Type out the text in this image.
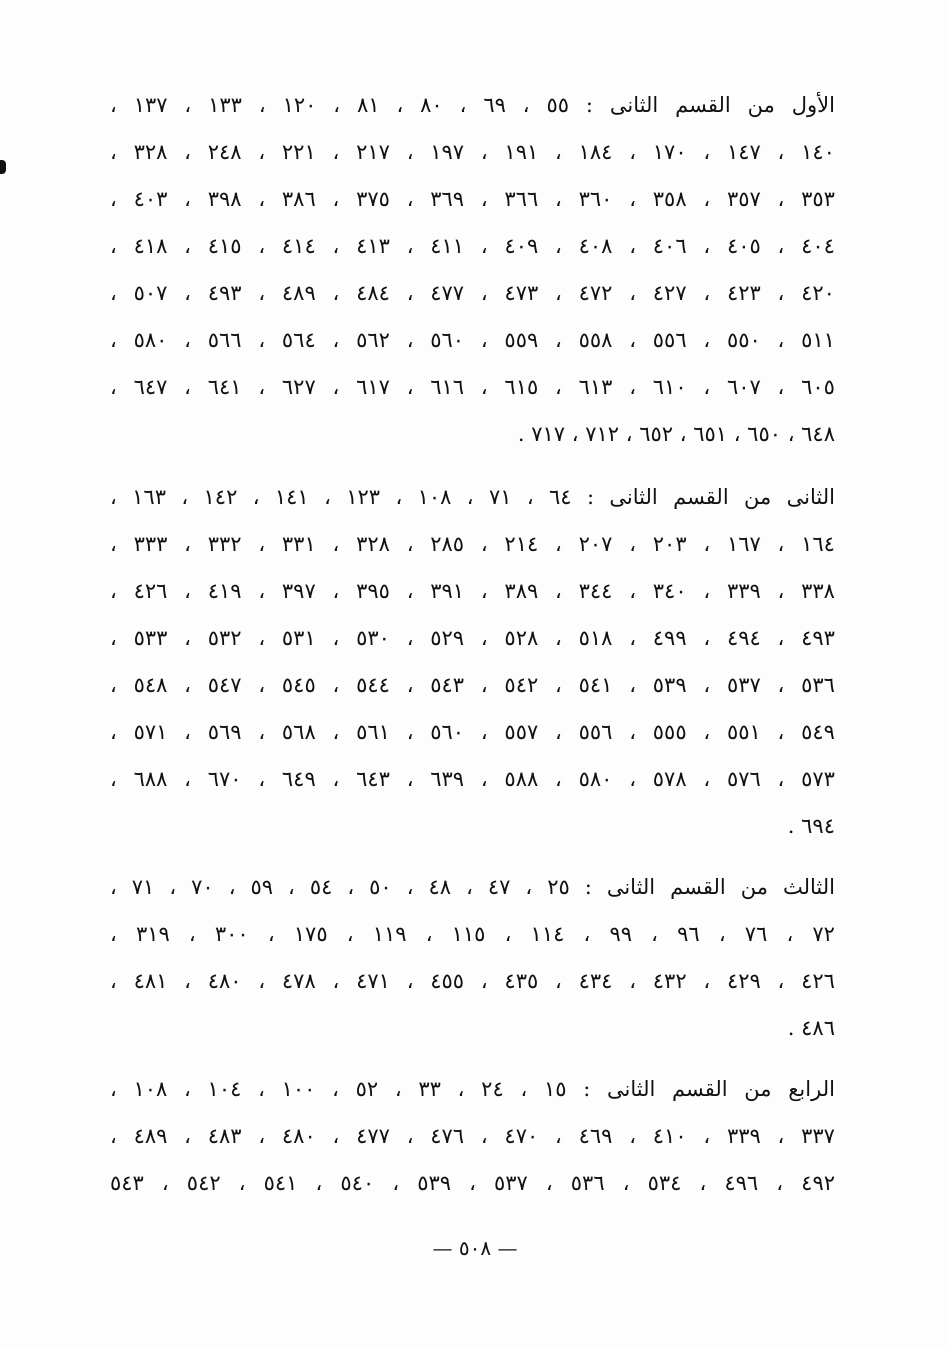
الأول من القسم الثانى : ٥٥ ، ٦٩ ، ٨٠ ، ٨١ ، ١٢٠ ، ١٣٣ ، ١٣٧ ،
١٤٠ ، ١٤٧ ، ١٧٠ ، ١٨٤ ، ١٩١ ، ١٩٧ ، ٢١٧ ، ٢٢١ ، ٢٤٨ ، ٣٢٨ ،
٣٥٣ ، ٣٥٧ ، ٣٥٨ ، ٣٦٠ ، ٣٦٦ ، ٣٦٩ ، ٣٧٥ ، ٣٨٦ ، ٣٩٨ ، ٤٠٣ ،
٤٠٤ ، ٤٠٥ ، ٤٠٦ ، ٤٠٨ ، ٤٠٩ ، ٤١١ ، ٤١٣ ، ٤١٤ ، ٤١٥ ، ٤١٨ ،
٤٢٠ ، ٤٢٣ ، ٤٢٧ ، ٤٧٢ ، ٤٧٣ ، ٤٧٧ ، ٤٨٤ ، ٤٨٩ ، ٤٩٣ ، ٥٠٧ ،
٥١١ ، ٥٥٠ ، ٥٥٦ ، ٥٥٨ ، ٥٥٩ ، ٥٦٠ ، ٥٦٢ ، ٥٦٤ ، ٥٦٦ ، ٥٨٠ ،
٦٠٥ ، ٦٠٧ ، ٦١٠ ، ٦١٣ ، ٦١٥ ، ٦١٦ ، ٦١٧ ، ٦٢٧ ، ٦٤١ ، ٦٤٧ ،
٦٤٨ ، ٦٥٠ ، ٦٥١ ، ٦٥٢ ، ٧١٢ ، ٧١٧ .
الثانى من القسم الثانى : ٦٤ ، ٧١ ، ١٠٨ ، ١٢٣ ، ١٤١ ، ١٤٢ ، ١٦٣ ،
١٦٤ ، ١٦٧ ، ٢٠٣ ، ٢٠٧ ، ٢١٤ ، ٢٨٥ ، ٣٢٨ ، ٣٣١ ، ٣٣٢ ، ٣٣٣ ،
٣٣٨ ، ٣٣٩ ، ٣٤٠ ، ٣٤٤ ، ٣٨٩ ، ٣٩١ ، ٣٩٥ ، ٣٩٧ ، ٤١٩ ، ٤٢٦ ،
٤٩٣ ، ٤٩٤ ، ٤٩٩ ، ٥١٨ ، ٥٢٨ ، ٥٢٩ ، ٥٣٠ ، ٥٣١ ، ٥٣٢ ، ٥٣٣ ،
٥٣٦ ، ٥٣٧ ، ٥٣٩ ، ٥٤١ ، ٥٤٢ ، ٥٤٣ ، ٥٤٤ ، ٥٤٥ ، ٥٤٧ ، ٥٤٨ ،
٥٤٩ ، ٥٥١ ، ٥٥٥ ، ٥٥٦ ، ٥٥٧ ، ٥٦٠ ، ٥٦١ ، ٥٦٨ ، ٥٦٩ ، ٥٧١ ،
٥٧٣ ، ٥٧٦ ، ٥٧٨ ، ٥٨٠ ، ٥٨٨ ، ٦٣٩ ، ٦٤٣ ، ٦٤٩ ، ٦٧٠ ، ٦٨٨ ،
٦٩٤ .
الثالث من القسم الثانى : ٢٥ ، ٤٧ ، ٤٨ ، ٥٠ ، ٥٤ ، ٥٩ ، ٧٠ ، ٧١ ،
٧٢ ، ٧٦ ، ٩٦ ، ٩٩ ، ١١٤ ، ١١٥ ، ١١٩ ، ١٧٥ ، ٣٠٠ ، ٣١٩ ،
٤٢٦ ، ٤٢٩ ، ٤٣٢ ، ٤٣٤ ، ٤٣٥ ، ٤٥٥ ، ٤٧١ ، ٤٧٨ ، ٤٨٠ ، ٤٨١ ،
٤٨٦ .
الرابع من القسم الثانى : ١٥ ، ٢٤ ، ٣٣ ، ٥٢ ، ١٠٠ ، ١٠٤ ، ١٠٨ ،
٣٣٧ ، ٣٣٩ ، ٤١٠ ، ٤٦٩ ، ٤٧٠ ، ٤٧٦ ، ٤٧٧ ، ٤٨٠ ، ٤٨٣ ، ٤٨٩ ،
٤٩٢ ، ٤٩٦ ، ٥٣٤ ، ٥٣٦ ، ٥٣٧ ، ٥٣٩ ، ٥٤٠ ، ٥٤١ ، ٥٤٢ ، ٥٤٣
— ٥٠٨ —
